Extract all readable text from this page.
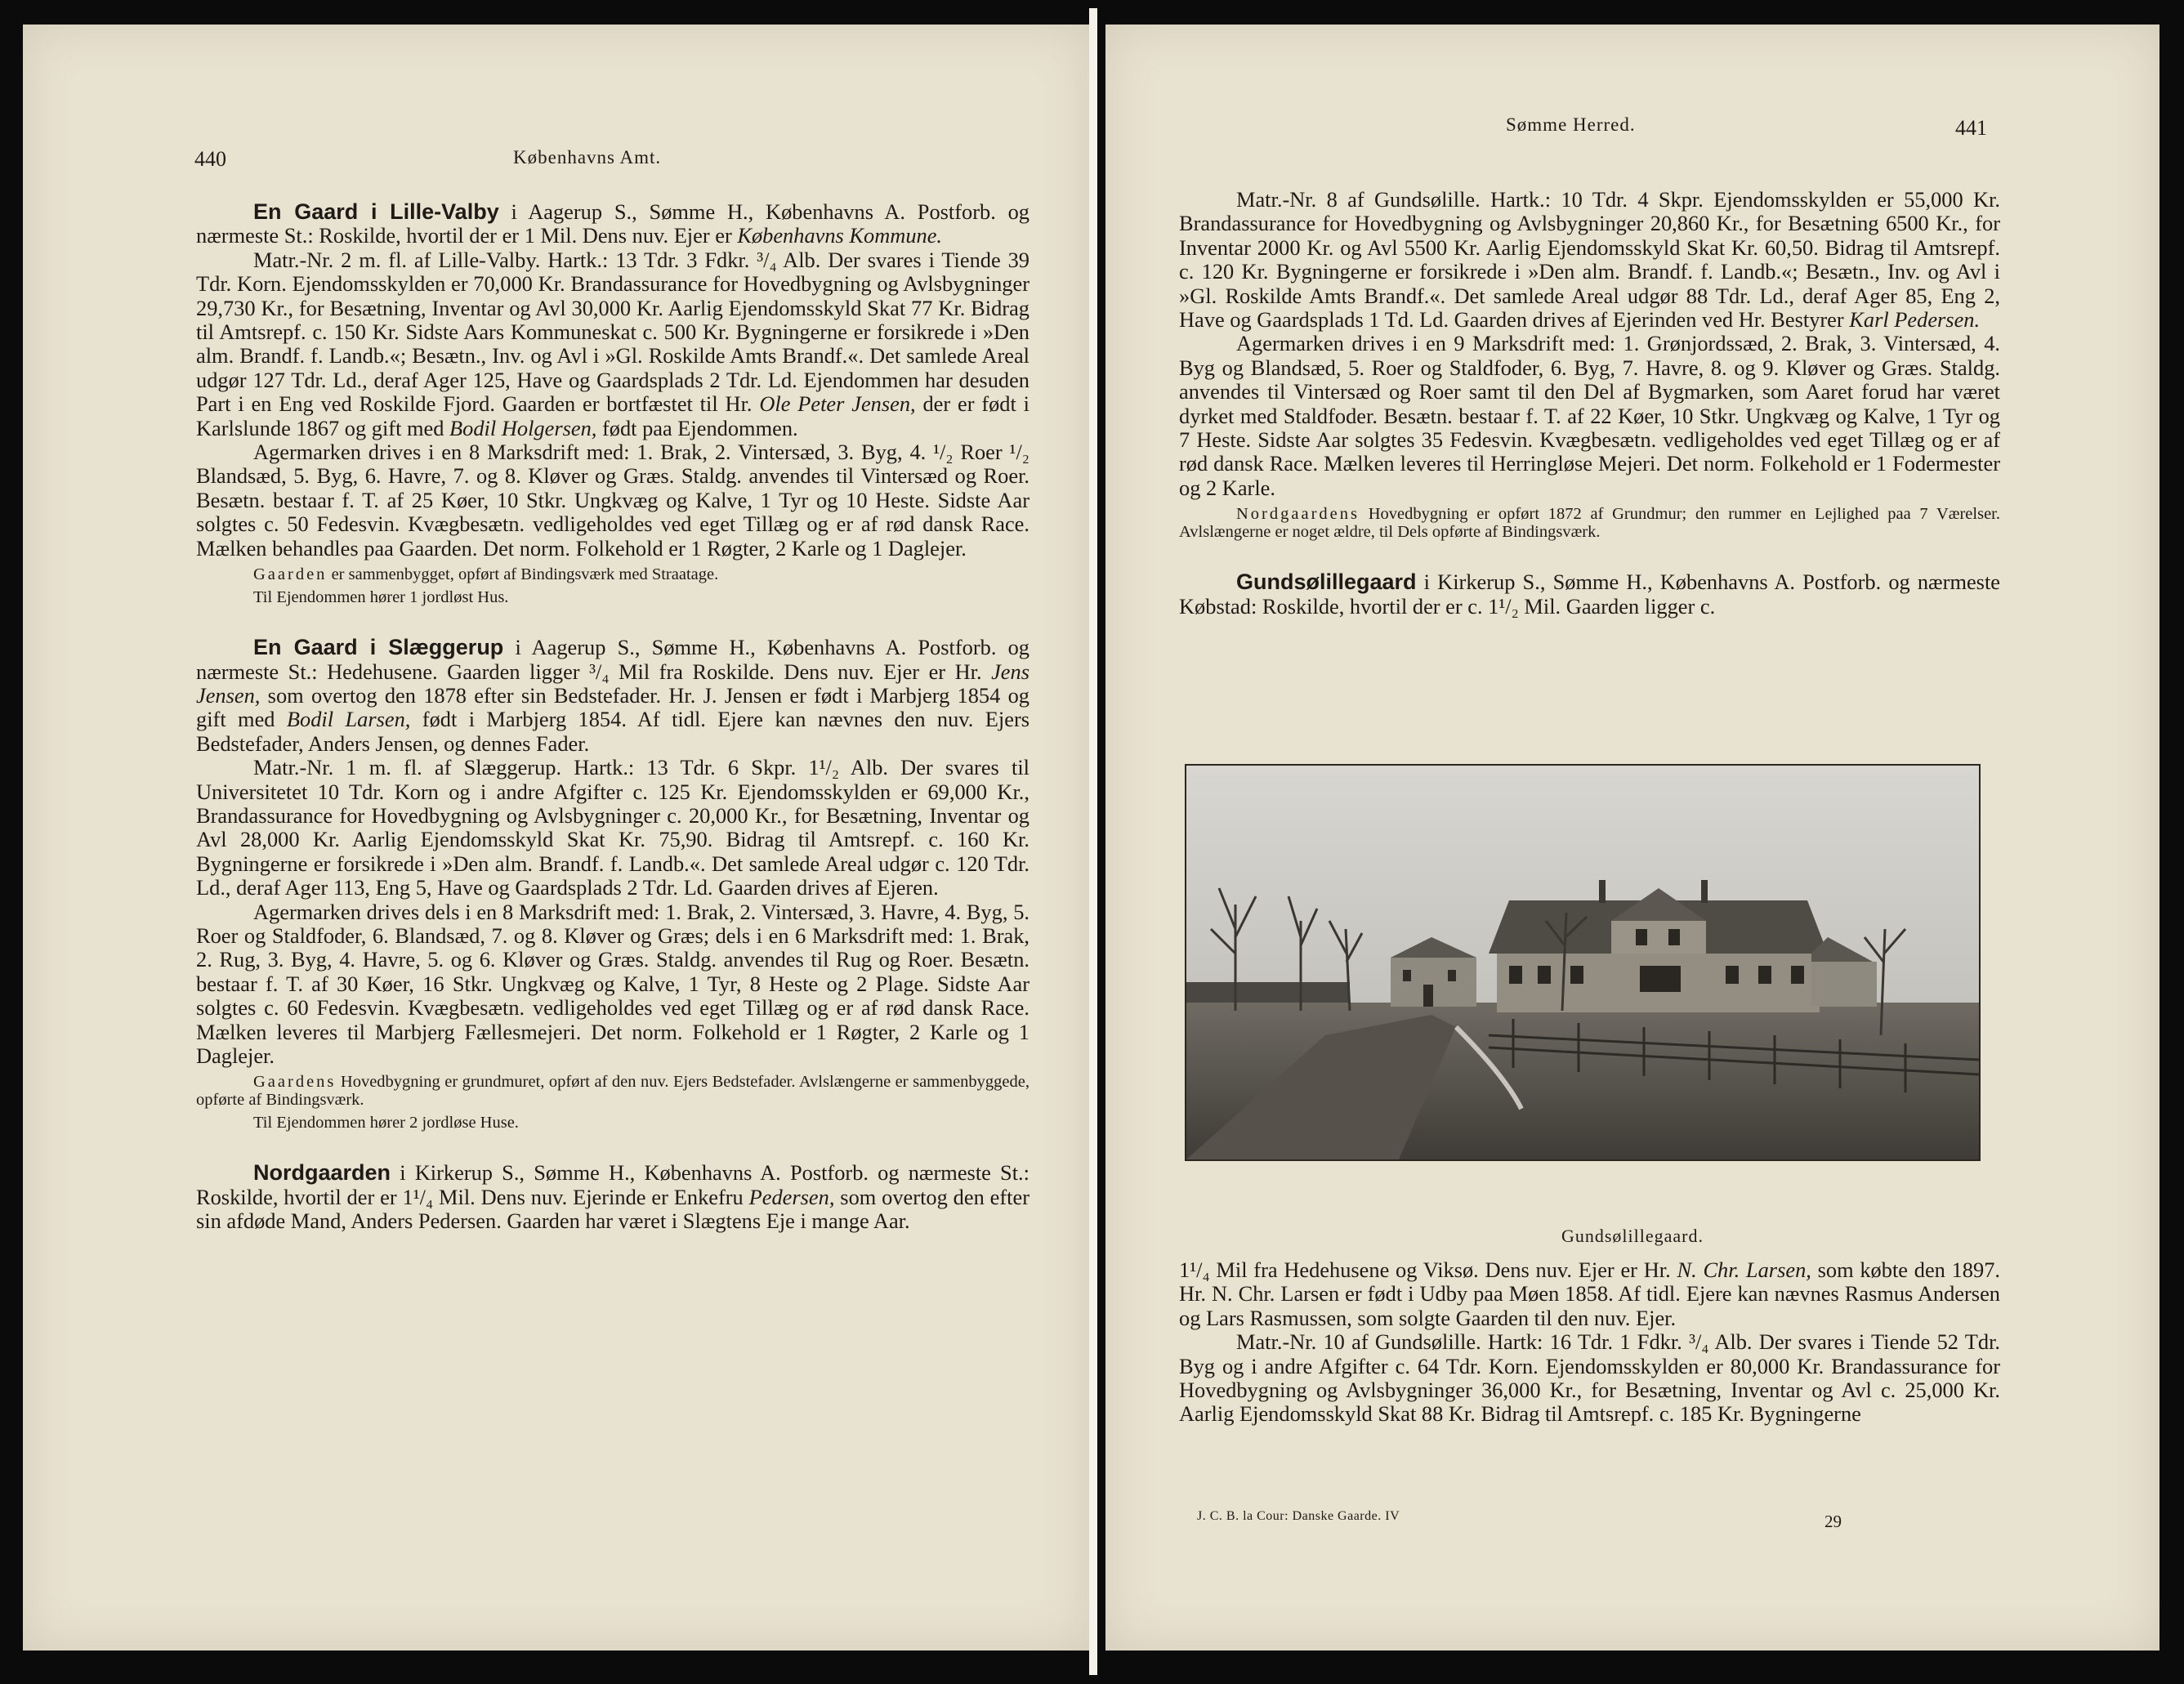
440	Københavns Amt.

En Gaard i Lille-Valby i Aagerup S., Sømme H., Københavns A. Postforb. og nærmeste St.: Roskilde, hvortil der er 1 Mil. Dens nuv. Ejer er Københavns Kommune.

Matr.-Nr. 2 m. fl. af Lille-Valby. Hartk.: 13 Tdr. 3 Fdkr. ³/₄ Alb. Der svares i Tiende 39 Tdr. Korn. Ejendomsskylden er 70,000 Kr. Brandassurance for Hovedbygning og Avlsbygninger 29,730 Kr., for Besætning, Inventar og Avl 30,000 Kr. Aarlig Ejendomsskyld Skat 77 Kr. Bidrag til Amtsrepf. c. 150 Kr. Sidste Aars Kommuneskat c. 500 Kr. Bygningerne er forsikrede i »Den alm. Brandf. f. Landb.«; Besætn., Inv. og Avl i »Gl. Roskilde Amts Brandf.«. Det samlede Areal udgør 127 Tdr. Ld., deraf Ager 125, Have og Gaardsplads 2 Tdr. Ld. Ejendommen har desuden Part i en Eng ved Roskilde Fjord. Gaarden er bortfæstet til Hr. Ole Peter Jensen, der er født i Karlslunde 1867 og gift med Bodil Holgersen, født paa Ejendommen.

Agermarken drives i en 8 Marksdrift med: 1. Brak, 2. Vintersæd, 3. Byg, 4. ¹/₂ Roer ¹/₂ Blandsæd, 5. Byg, 6. Havre, 7. og 8. Kløver og Græs. Staldg. anvendes til Vintersæd og Roer. Besætn. bestaar f. T. af 25 Køer, 10 Stkr. Ungkvæg og Kalve, 1 Tyr og 10 Heste. Sidste Aar solgtes c. 50 Fedesvin. Kvægbesætn. vedligeholdes ved eget Tillæg og er af rød dansk Race. Mælken behandles paa Gaarden. Det norm. Folkehold er 1 Røgter, 2 Karle og 1 Daglejer.

Gaarden er sammenbygget, opført af Bindingsværk med Straatage.

Til Ejendommen hører 1 jordløst Hus.

En Gaard i Slæggerup i Aagerup S., Sømme H., Københavns A. Postforb. og nærmeste St.: Hedehusene. Gaarden ligger ³/₄ Mil fra Roskilde. Dens nuv. Ejer er Hr. Jens Jensen, som overtog den 1878 efter sin Bedstefader. Hr. J. Jensen er født i Marbjerg 1854 og gift med Bodil Larsen, født i Marbjerg 1854. Af tidl. Ejere kan nævnes den nuv. Ejers Bedstefader, Anders Jensen, og dennes Fader.

Matr.-Nr. 1 m. fl. af Slæggerup. Hartk.: 13 Tdr. 6 Skpr. 1¹/₂ Alb. Der svares til Universitetet 10 Tdr. Korn og i andre Afgifter c. 125 Kr. Ejendomsskylden er 69,000 Kr., Brandassurance for Hovedbygning og Avlsbygninger c. 20,000 Kr., for Besætning, Inventar og Avl 28,000 Kr. Aarlig Ejendomsskyld Skat Kr. 75,90. Bidrag til Amtsrepf. c. 160 Kr. Bygningerne er forsikrede i »Den alm. Brandf. f. Landb.«. Det samlede Areal udgør c. 120 Tdr. Ld., deraf Ager 113, Eng 5, Have og Gaardsplads 2 Tdr. Ld. Gaarden drives af Ejeren.

Agermarken drives dels i en 8 Marksdrift med: 1. Brak, 2. Vintersæd, 3. Havre, 4. Byg, 5. Roer og Staldfoder, 6. Blandsæd, 7. og 8. Kløver og Græs; dels i en 6 Marksdrift med: 1. Brak, 2. Rug, 3. Byg, 4. Havre, 5. og 6. Kløver og Græs. Staldg. anvendes til Rug og Roer. Besætn. bestaar f. T. af 30 Køer, 16 Stkr. Ungkvæg og Kalve, 1 Tyr, 8 Heste og 2 Plage. Sidste Aar solgtes c. 60 Fedesvin. Kvægbesætn. vedligeholdes ved eget Tillæg og er af rød dansk Race. Mælken leveres til Marbjerg Fællesmejeri. Det norm. Folkehold er 1 Røgter, 2 Karle og 1 Daglejer.

Gaardens Hovedbygning er grundmuret, opført af den nuv. Ejers Bedstefader. Avlslængerne er sammenbyggede, opførte af Bindingsværk.

Til Ejendommen hører 2 jordløse Huse.

Nordgaarden i Kirkerup S., Sømme H., Københavns A. Postforb. og nærmeste St.: Roskilde, hvortil der er 1¹/₄ Mil. Dens nuv. Ejerinde er Enkefru Pedersen, som overtog den efter sin afdøde Mand, Anders Pedersen. Gaarden har været i Slægtens Eje i mange Aar.

Sømme Herred.	441

Matr.-Nr. 8 af Gundsølille. Hartk.: 10 Tdr. 4 Skpr. Ejendomsskylden er 55,000 Kr. Brandassurance for Hovedbygning og Avlsbygninger 20,860 Kr., for Besætning 6500 Kr., for Inventar 2000 Kr. og Avl 5500 Kr. Aarlig Ejendomsskyld Skat Kr. 60,50. Bidrag til Amtsrepf. c. 120 Kr. Bygningerne er forsikrede i »Den alm. Brandf. f. Landb.«; Besætn., Inv. og Avl i »Gl. Roskilde Amts Brandf.«. Det samlede Areal udgør 88 Tdr. Ld., deraf Ager 85, Eng 2, Have og Gaardsplads 1 Td. Ld. Gaarden drives af Ejerinden ved Hr. Bestyrer Karl Pedersen.

Agermarken drives i en 9 Marksdrift med: 1. Grønjordssæd, 2. Brak, 3. Vintersæd, 4. Byg og Blandsæd, 5. Roer og Staldfoder, 6. Byg, 7. Havre, 8. og 9. Kløver og Græs. Staldg. anvendes til Vintersæd og Roer samt til den Del af Bygmarken, som Aaret forud har været dyrket med Staldfoder. Besætn. bestaar f. T. af 22 Køer, 10 Stkr. Ungkvæg og Kalve, 1 Tyr og 7 Heste. Sidste Aar solgtes 35 Fedesvin. Kvægbesætn. vedligeholdes ved eget Tillæg og er af rød dansk Race. Mælken leveres til Herringløse Mejeri. Det norm. Folkehold er 1 Fodermester og 2 Karle.

Nordgaardens Hovedbygning er opført 1872 af Grundmur; den rummer en Lejlighed paa 7 Værelser. Avlslængerne er noget ældre, til Dels opførte af Bindingsværk.

Gundsølillegaard i Kirkerup S., Sømme H., Københavns A. Postforb. og nærmeste Købstad: Roskilde, hvortil der er c. 1¹/₂ Mil. Gaarden ligger c.

Gundsølillegaard.

1¹/₄ Mil fra Hedehusene og Viksø. Dens nuv. Ejer er Hr. N. Chr. Larsen, som købte den 1897. Hr. N. Chr. Larsen er født i Udby paa Møen 1858. Af tidl. Ejere kan nævnes Rasmus Andersen og Lars Rasmussen, som solgte Gaarden til den nuv. Ejer.

Matr.-Nr. 10 af Gundsølille. Hartk: 16 Tdr. 1 Fdkr. ³/₄ Alb. Der svares i Tiende 52 Tdr. Byg og i andre Afgifter c. 64 Tdr. Korn. Ejendomsskylden er 80,000 Kr. Brandassurance for Hovedbygning og Avlsbygninger 36,000 Kr., for Besætning, Inventar og Avl c. 25,000 Kr. Aarlig Ejendomsskyld Skat 88 Kr. Bidrag til Amtsrepf. c. 185 Kr. Bygningerne

J. C. B. la Cour: Danske Gaarde. IV	29
